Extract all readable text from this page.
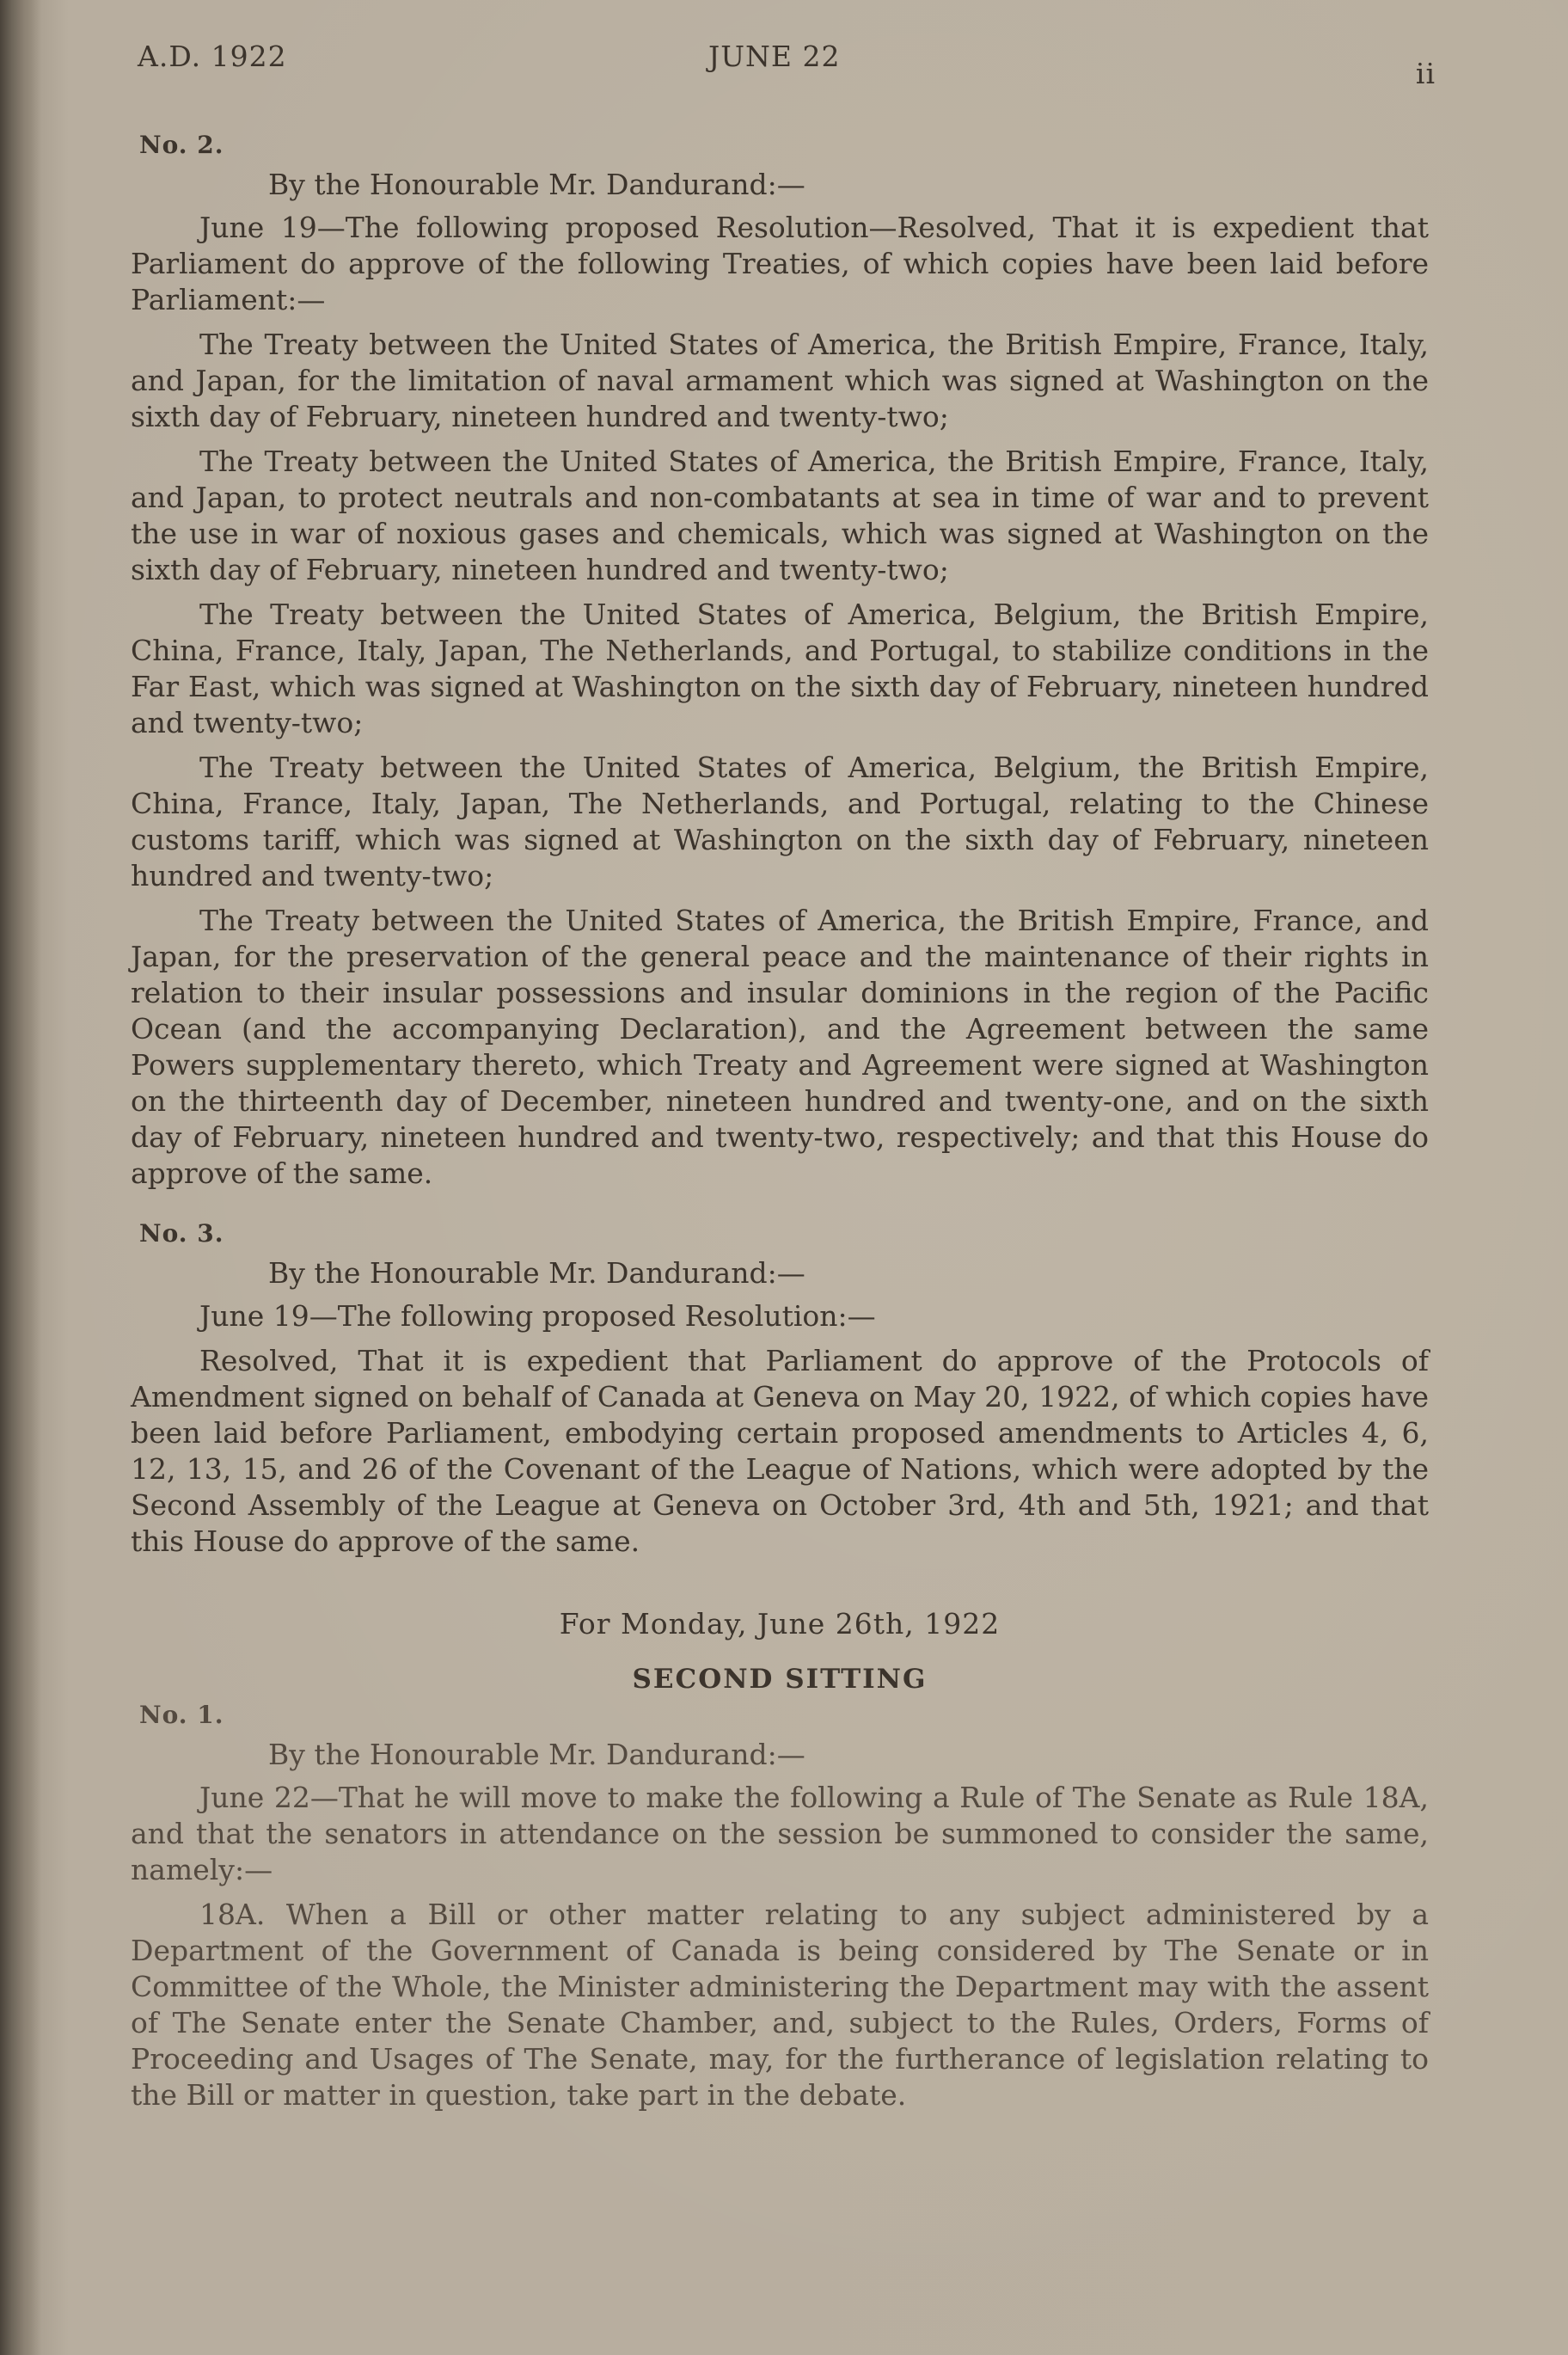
A.D. 1922	JUNE 22
ii
No. 2.
By the Honourable Mr. Dandurand:—

June 19—The following proposed Resolution—Resolved, That it is expedient that Parliament do approve of the following Treaties, of which copies have been laid before Parliament:—

The Treaty between the United States of America, the British Empire, France, Italy, and Japan, for the limitation of naval armament which was signed at Washington on the sixth day of February, nineteen hundred and twenty-two;

The Treaty between the United States of America, the British Empire, France, Italy, and Japan, to protect neutrals and non-combatants at sea in time of war and to prevent the use in war of noxious gases and chemicals, which was signed at Washington on the sixth day of February, nineteen hundred and twenty-two;

The Treaty between the United States of America, Belgium, the British Empire, China, France, Italy, Japan, The Netherlands, and Portugal, to stabilize conditions in the Far East, which was signed at Washington on the sixth day of February, nineteen hundred and twenty-two;

The Treaty between the United States of America, Belgium, the British Empire, China, France, Italy, Japan, The Netherlands, and Portugal, relating to the Chinese customs tariff, which was signed at Washington on the sixth day of February, nineteen hundred and twenty-two;

The Treaty between the United States of America, the British Empire, France, and Japan, for the preservation of the general peace and the maintenance of their rights in relation to their insular possessions and insular dominions in the region of the Pacific Ocean (and the accompanying Declaration), and the Agreement between the same Powers supplementary thereto, which Treaty and Agreement were signed at Washington on the thirteenth day of December, nineteen hundred and twenty-one, and on the sixth day of February, nineteen hundred and twenty-two, respectively; and that this House do approve of the same.

No. 3.
By the Honourable Mr. Dandurand:—

June 19—The following proposed Resolution:—

Resolved, That it is expedient that Parliament do approve of the Protocols of Amendment signed on behalf of Canada at Geneva on May 20, 1922, of which copies have been laid before Parliament, embodying certain proposed amendments to Articles 4, 6, 12, 13, 15, and 26 of the Covenant of the League of Nations, which were adopted by the Second Assembly of the League at Geneva on October 3rd, 4th and 5th, 1921; and that this House do approve of the same.

For Monday, June 26th, 1922

SECOND SITTING

No. 1.
By the Honourable Mr. Dandurand:—

June 22—That he will move to make the following a Rule of The Senate as Rule 18A, and that the senators in attendance on the session be summoned to consider the same, namely:—

18A. When a Bill or other matter relating to any subject administered by a Department of the Government of Canada is being considered by The Senate or in Committee of the Whole, the Minister administering the Department may with the assent of The Senate enter the Senate Chamber, and, subject to the Rules, Orders, Forms of Proceeding and Usages of The Senate, may, for the furtherance of legislation relating to the Bill or matter in question, take part in the debate.
